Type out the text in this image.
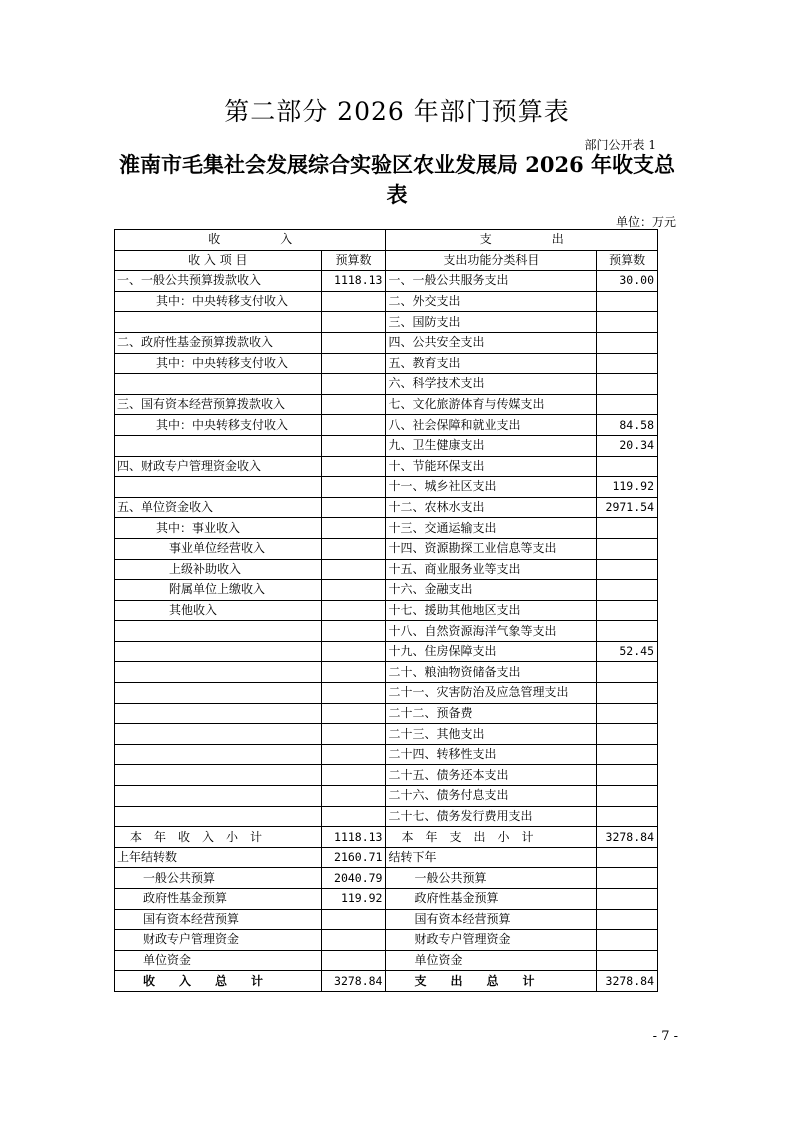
第二部分 2026 年部门预算表
部门公开表 1
淮南市毛集社会发展综合实验区农业发展局 2026 年收支总表
单位：万元
收　　　　　入		支　　　　　出	
收 入 项 目	预算数	支出功能分类科目	预算数
一、一般公共预算拨款收入	1118.13	一、一般公共服务支出	30.00
其中：中央转移支付收入		二、外交支出	
		三、国防支出	
二、政府性基金预算拨款收入		四、公共安全支出	
其中：中央转移支付收入		五、教育支出	
		六、科学技术支出	
三、国有资本经营预算拨款收入		七、文化旅游体育与传媒支出	
其中：中央转移支付收入		八、社会保障和就业支出	84.58
		九、卫生健康支出	20.34
四、财政专户管理资金收入		十、节能环保支出	
		十一、城乡社区支出	119.92
五、单位资金收入		十二、农林水支出	2971.54
其中：事业收入		十三、交通运输支出	
事业单位经营收入		十四、资源勘探工业信息等支出	
上级补助收入		十五、商业服务业等支出	
附属单位上缴收入		十六、金融支出	
其他收入		十七、援助其他地区支出	
		十八、自然资源海洋气象等支出	
		十九、住房保障支出	52.45
		二十、粮油物资储备支出	
		二十一、灾害防治及应急管理支出	
		二十二、预备费	
		二十三、其他支出	
		二十四、转移性支出	
		二十五、债务还本支出	
		二十六、债务付息支出	
		二十七、债务发行费用支出	
本　年　收　入　小　计	1118.13	本　年　支　出　小　计	3278.84
上年结转数	2160.71	结转下年	
一般公共预算	2040.79	一般公共预算	
政府性基金预算	119.92	政府性基金预算	
国有资本经营预算		国有资本经营预算	
财政专户管理资金		财政专户管理资金	
单位资金		单位资金	
收　　入　　总　　计	3278.84	支　　出　　总　　计	3278.84
- 7 -
